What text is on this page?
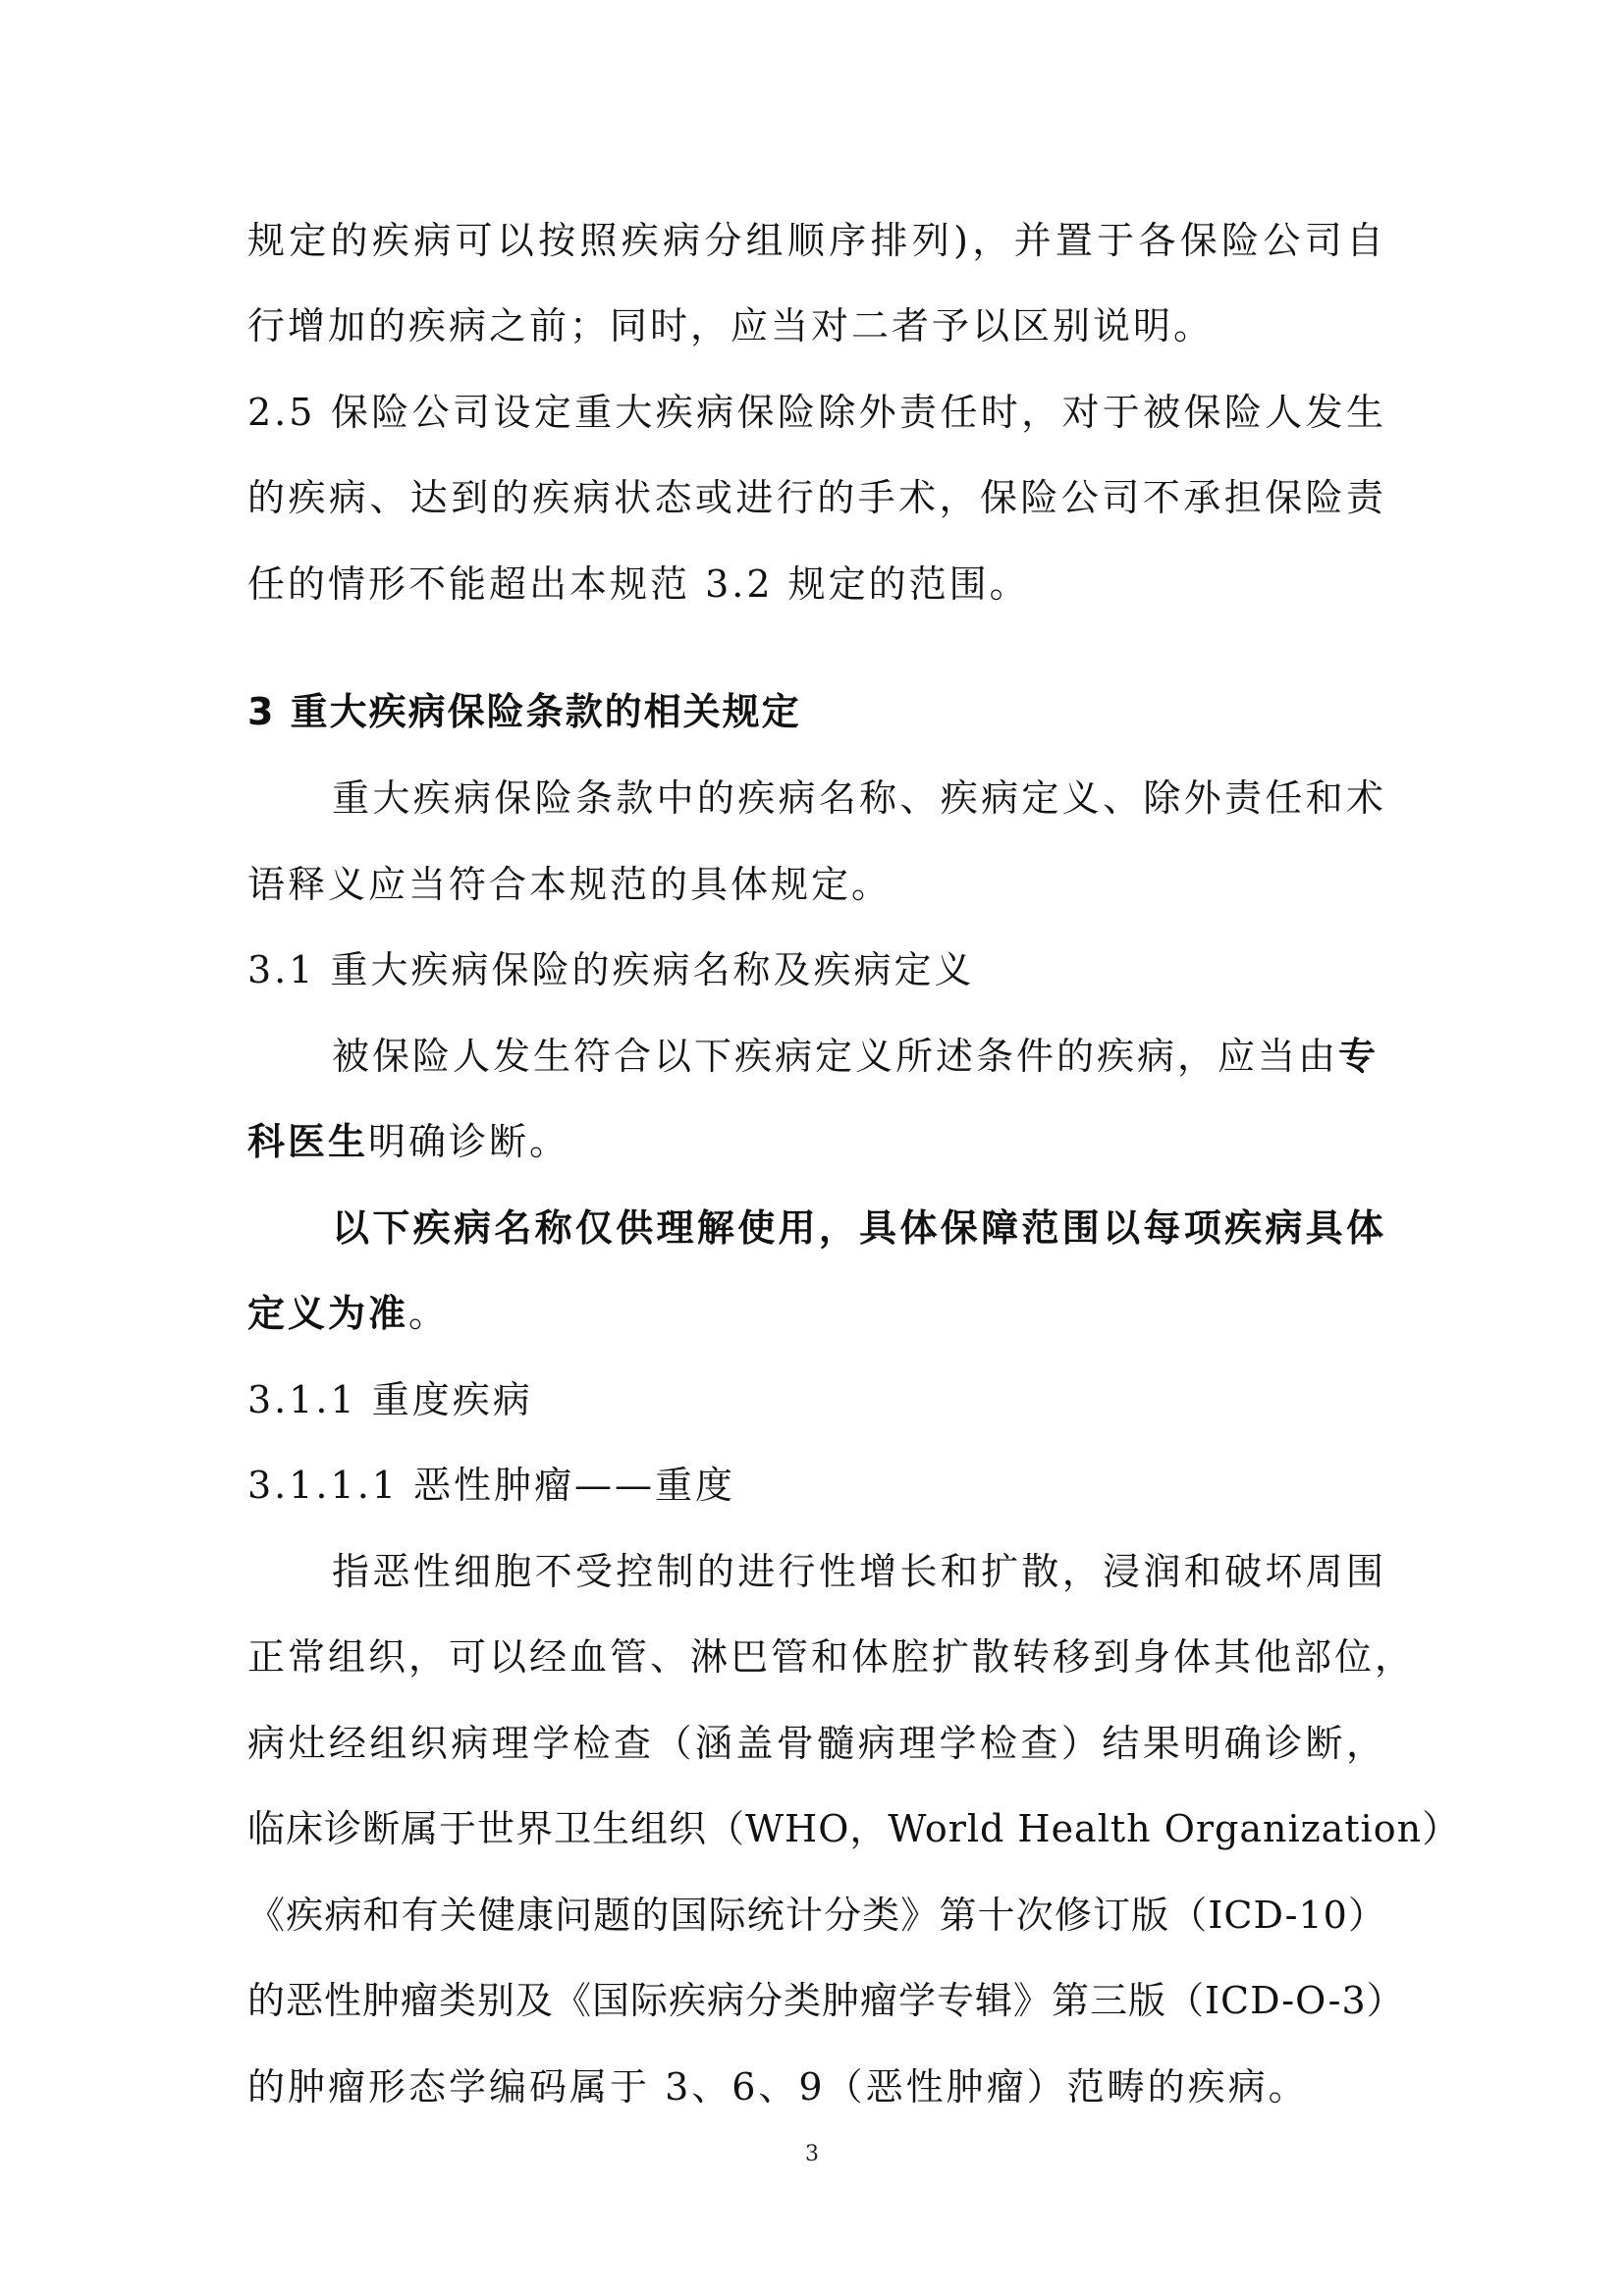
规定的疾病可以按照疾病分组顺序排列)，并置于各保险公司自
行增加的疾病之前；同时，应当对二者予以区别说明。
2.5 保险公司设定重大疾病保险除外责任时，对于被保险人发生
的疾病、达到的疾病状态或进行的手术，保险公司不承担保险责
任的情形不能超出本规范 3.2 规定的范围。
3 重大疾病保险条款的相关规定
重大疾病保险条款中的疾病名称、疾病定义、除外责任和术
语释义应当符合本规范的具体规定。
3.1 重大疾病保险的疾病名称及疾病定义
被保险人发生符合以下疾病定义所述条件的疾病，应当由专
科医生明确诊断。
以下疾病名称仅供理解使用，具体保障范围以每项疾病具体
定义为准。
3.1.1 重度疾病
3.1.1.1 恶性肿瘤——重度
指恶性细胞不受控制的进行性增长和扩散，浸润和破坏周围
正常组织，可以经血管、淋巴管和体腔扩散转移到身体其他部位，
病灶经组织病理学检查（涵盖骨髓病理学检查）结果明确诊断，
临床诊断属于世界卫生组织（WHO，World Health Organization）
《疾病和有关健康问题的国际统计分类》第十次修订版（ICD-10）
的恶性肿瘤类别及《国际疾病分类肿瘤学专辑》第三版（ICD-O-3）
的肿瘤形态学编码属于 3、6、9（恶性肿瘤）范畴的疾病。
3
